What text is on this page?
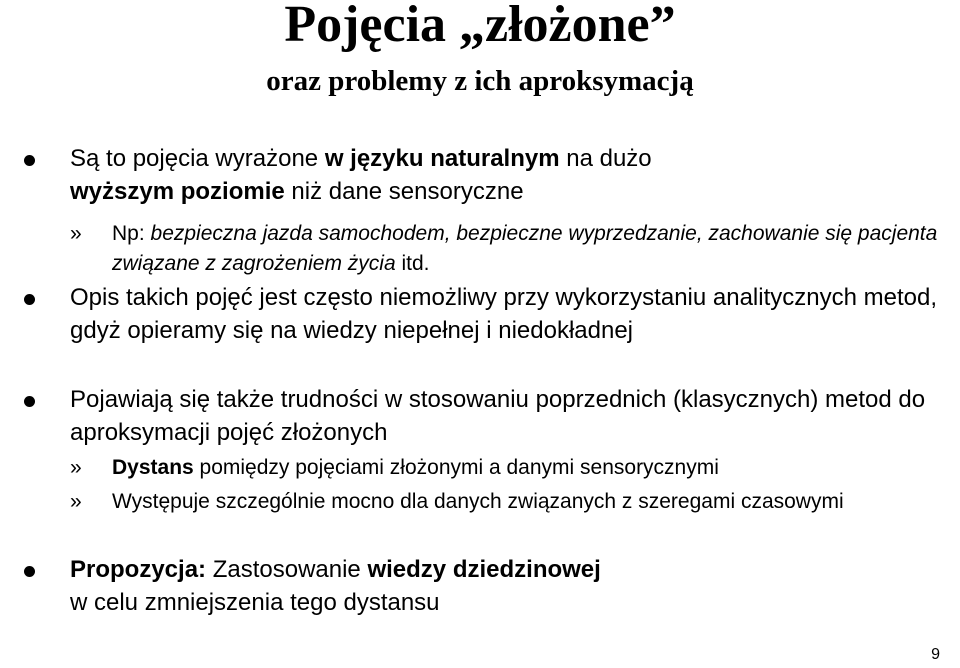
Pojęcia „złożone”
oraz problemy z ich aproksymacją

Są to pojęcia wyrażone w języku naturalnym na dużo
wyższym poziomie niż dane sensoryczne

» Np: bezpieczna jazda samochodem, bezpieczne wyprzedzanie, zachowanie się pacjenta związane z zagrożeniem życia itd.

Opis takich pojęć jest często niemożliwy przy wykorzystaniu analitycznych metod, gdyż opieramy się na wiedzy niepełnej i niedokładnej

Pojawiają się także trudności w stosowaniu poprzednich (klasycznych) metod do aproksymacji pojęć złożonych

» Dystans pomiędzy pojęciami złożonymi a danymi sensorycznymi

» Występuje szczególnie mocno dla danych związanych z szeregami czasowymi

Propozycja: Zastosowanie wiedzy dziedzinowej
w celu zmniejszenia tego dystansu

9
